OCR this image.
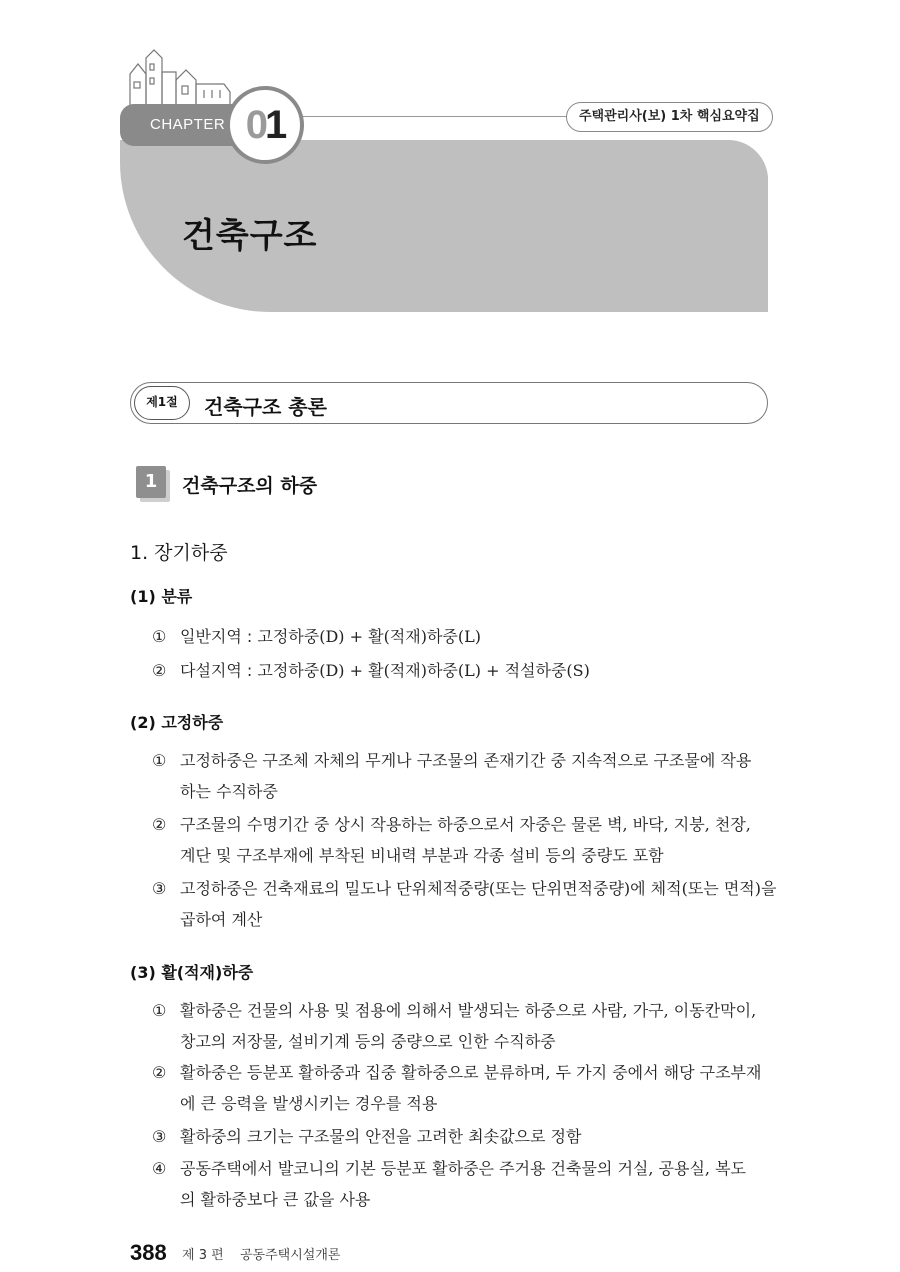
CHAPTER 01	주택관리사(보) 1차 핵심요약집
건축구조
제1절	건축구조 총론
1	건축구조의 하중
1. 장기하중
(1) 분류
① 일반지역 : 고정하중(D) + 활(적재)하중(L)
② 다설지역 : 고정하중(D) + 활(적재)하중(L) + 적설하중(S)
(2) 고정하중
① 고정하중은 구조체 자체의 무게나 구조물의 존재기간 중 지속적으로 구조물에 작용
하는 수직하중
② 구조물의 수명기간 중 상시 작용하는 하중으로서 자중은 물론 벽, 바닥, 지붕, 천장,
계단 및 구조부재에 부착된 비내력 부분과 각종 설비 등의 중량도 포함
③ 고정하중은 건축재료의 밀도나 단위체적중량(또는 단위면적중량)에 체적(또는 면적)을
곱하여 계산
(3) 활(적재)하중
① 활하중은 건물의 사용 및 점용에 의해서 발생되는 하중으로 사람, 가구, 이동칸막이,
창고의 저장물, 설비기계 등의 중량으로 인한 수직하중
② 활하중은 등분포 활하중과 집중 활하중으로 분류하며, 두 가지 중에서 해당 구조부재
에 큰 응력을 발생시키는 경우를 적용
③ 활하중의 크기는 구조물의 안전을 고려한 최솟값으로 정함
④ 공동주택에서 발코니의 기본 등분포 활하중은 주거용 건축물의 거실, 공용실, 복도
의 활하중보다 큰 값을 사용
388 제 3 편 공동주택시설개론
